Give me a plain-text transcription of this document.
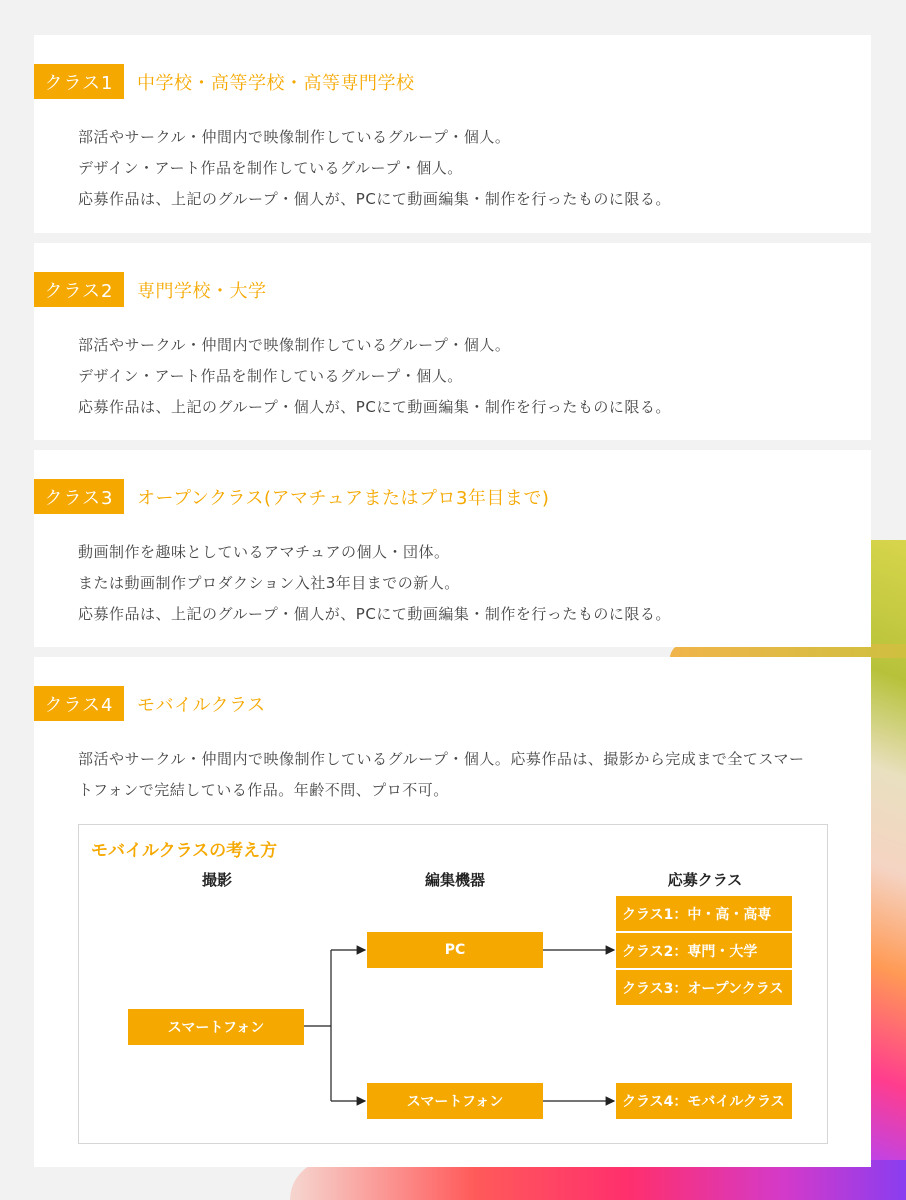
クラス1	中学校・高等学校・高等専門学校

部活やサークル・仲間内で映像制作しているグループ・個人。

デザイン・アート作品を制作しているグループ・個人。

応募作品は、上記のグループ・個人が、PCにて動画編集・制作を行ったものに限る。

クラス2	専門学校・大学

部活やサークル・仲間内で映像制作しているグループ・個人。

デザイン・アート作品を制作しているグループ・個人。

応募作品は、上記のグループ・個人が、PCにて動画編集・制作を行ったものに限る。

クラス3	オープンクラス(アマチュアまたはプロ3年目まで)

動画制作を趣味としているアマチュアの個人・団体。

または動画制作プロダクション入社3年目までの新人。

応募作品は、上記のグループ・個人が、PCにて動画編集・制作を行ったものに限る。

クラス4	モバイルクラス

部活やサークル・仲間内で映像制作しているグループ・個人。応募作品は、撮影から完成まで全てスマートフォンで完結している作品。年齢不問、プロ不可。

モバイルクラスの考え方
撮影	編集機器	応募クラス
スマートフォン
PC
スマートフォン
クラス1：中・高・高専
クラス2：専門・大学
クラス3：オープンクラス
クラス4：モバイルクラス
